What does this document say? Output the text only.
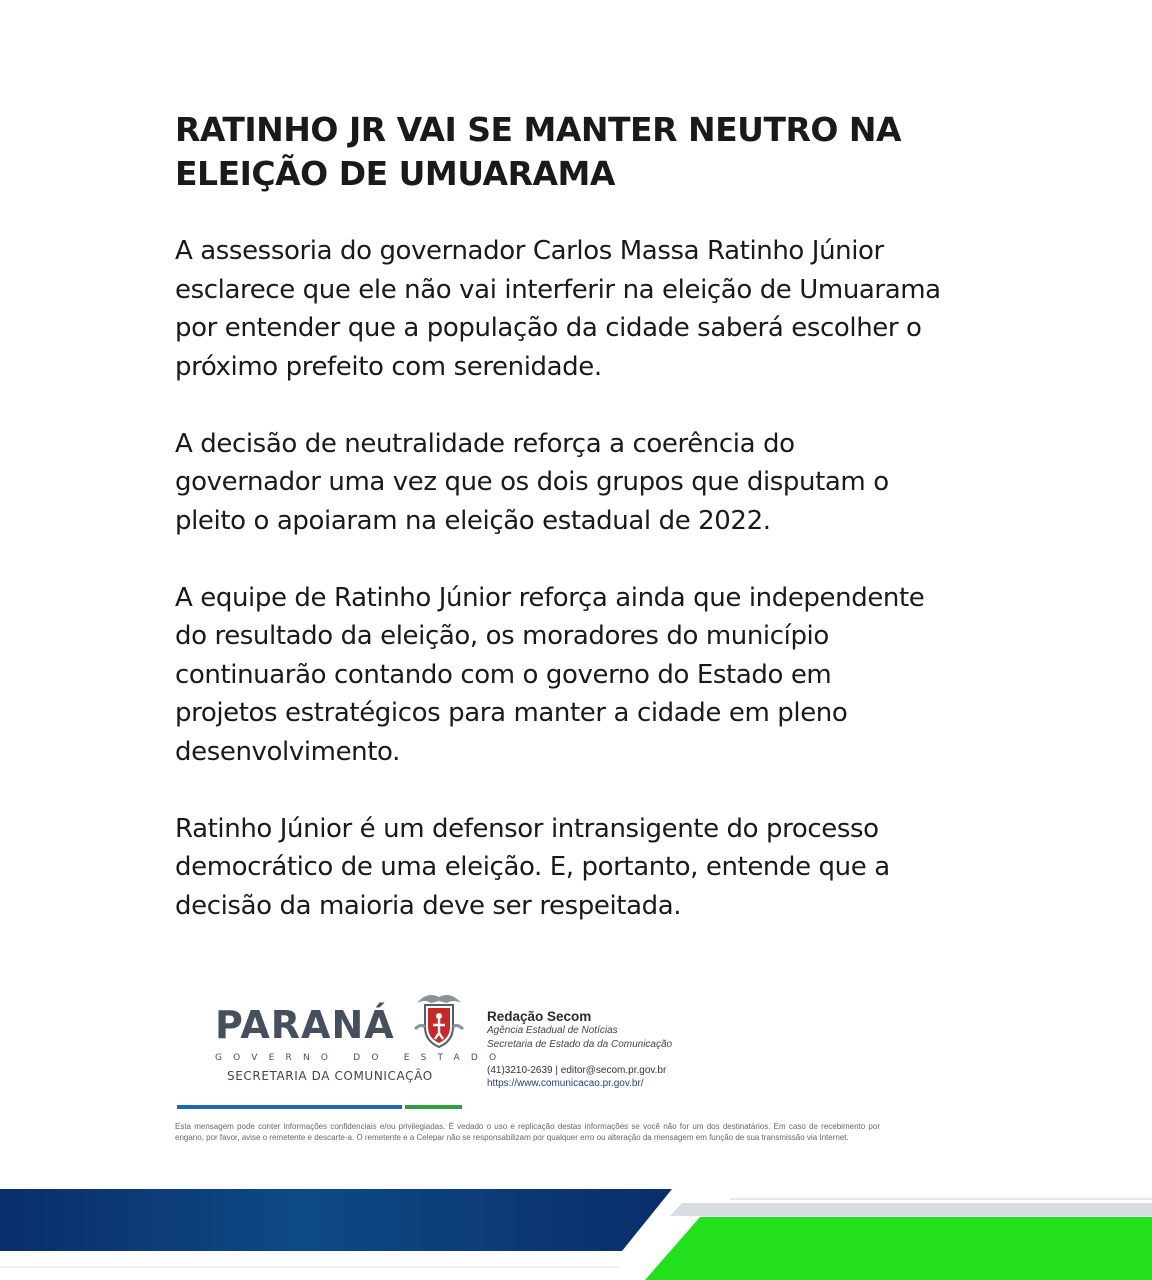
RATINHO JR VAI SE MANTER NEUTRO NA
ELEIÇÃO DE UMUARAMA

A assessoria do governador Carlos Massa Ratinho Júnior
esclarece que ele não vai interferir na eleição de Umuarama
por entender que a população da cidade saberá escolher o
próximo prefeito com serenidade.

A decisão de neutralidade reforça a coerência do
governador uma vez que os dois grupos que disputam o
pleito o apoiaram na eleição estadual de 2022.

A equipe de Ratinho Júnior reforça ainda que independente
do resultado da eleição, os moradores do município
continuarão contando com o governo do Estado em
projetos estratégicos para manter a cidade em pleno
desenvolvimento.

Ratinho Júnior é um defensor intransigente do processo
democrático de uma eleição. E, portanto, entende que a
decisão da maioria deve ser respeitada.

PARANÁ
GOVERNO DO ESTADO
SECRETARIA DA COMUNICAÇÃO

Redação Secom

Agência Estadual de Notícias

Secretaria de Estado da da Comunicação

(41)3210-2639 | editor@secom.pr.gov.br

https://www.comunicacao.pr.gov.br/

Esta mensagem pode conter informações confidenciais e/ou privilegiadas. É vedado o uso e replicação destas informações se você não for um dos destinatários. Em caso de recebimento por engano, por favor, avise o remetente e descarte-a. O remetente e a Celepar não se responsabilizam por qualquer erro ou alteração da mensagem em função de sua transmissão via Internet.
